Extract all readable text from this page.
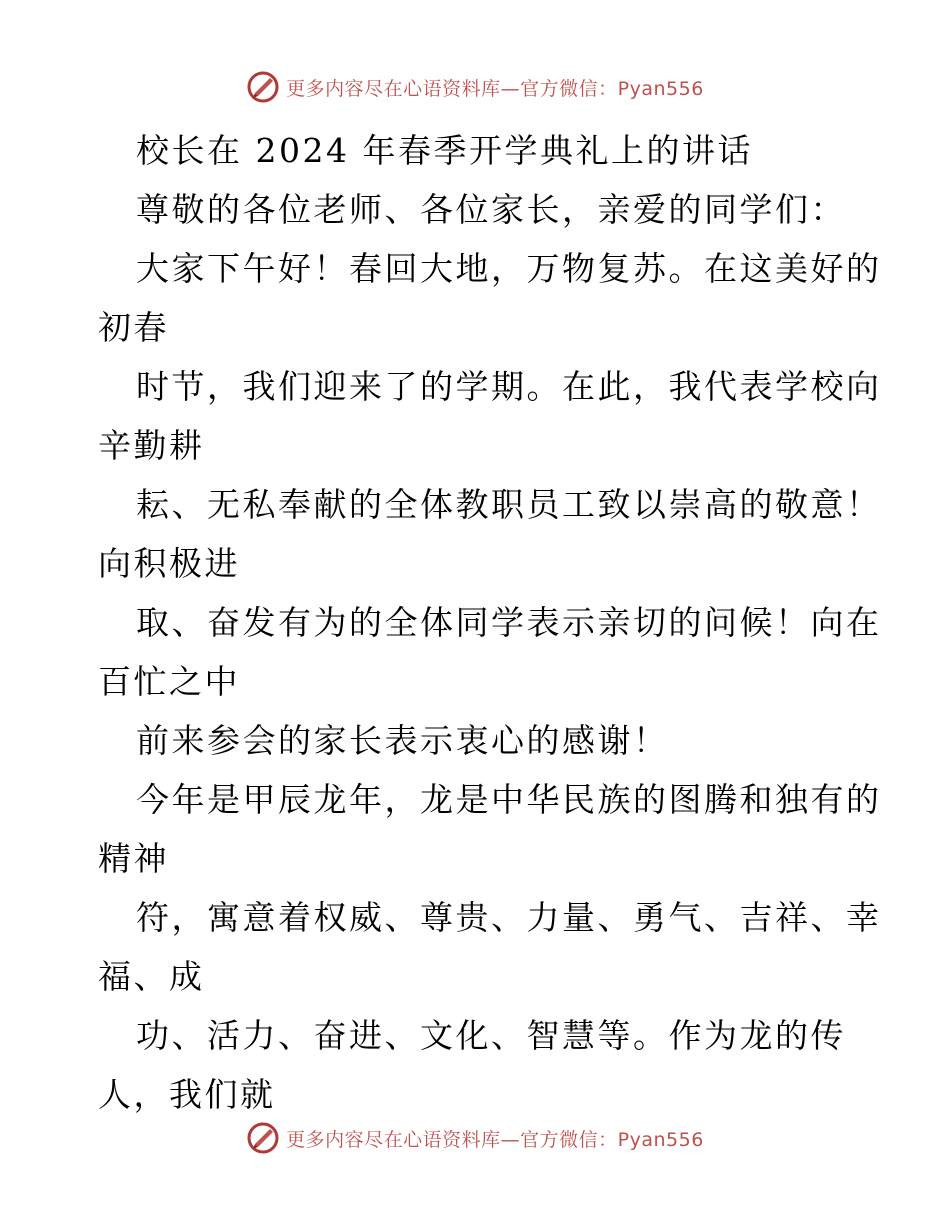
更多内容尽在心语资料库—官方微信：Pyan556
校长在 2024 年春季开学典礼上的讲话
尊敬的各位老师、各位家长，亲爱的同学们：
大家下午好！春回大地，万物复苏。在这美好的
初春
时节，我们迎来了的学期。在此，我代表学校向
辛勤耕
耘、无私奉献的全体教职员工致以崇高的敬意！
向积极进
取、奋发有为的全体同学表示亲切的问候！向在
百忙之中
前来参会的家长表示衷心的感谢！
今年是甲辰龙年，龙是中华民族的图腾和独有的
精神
符，寓意着权威、尊贵、力量、勇气、吉祥、幸
福、成
功、活力、奋进、文化、智慧等。作为龙的传
人，我们就
更多内容尽在心语资料库—官方微信：Pyan556
